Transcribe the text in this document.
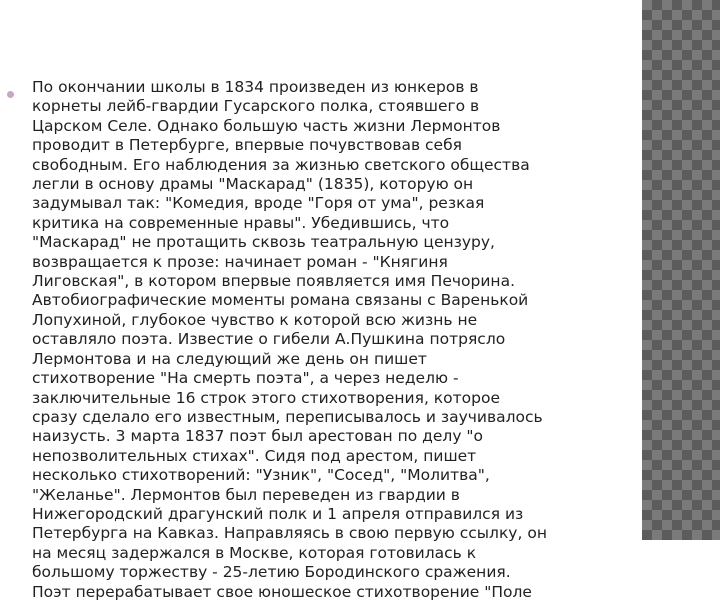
По окончании школы в 1834 произведен из юнкеров в
корнеты лейб-гвардии Гусарского полка, стоявшего в
Царском Селе. Однако большую часть жизни Лермонтов
проводит в Петербурге, впервые почувствовав себя
свободным. Его наблюдения за жизнью светского общества
легли в основу драмы "Маскарад" (1835), которую он
задумывал так: "Комедия, вроде "Горя от ума", резкая
критика на современные нравы". Убедившись, что
"Маскарад" не протащить сквозь театральную цензуру,
возвращается к прозе: начинает роман - "Княгиня
Лиговская", в котором впервые появляется имя Печорина.
Автобиографические моменты романа связаны с Варенькой
Лопухиной, глубокое чувство к которой всю жизнь не
оставляло поэта. Известие о гибели А.Пушкина потрясло
Лермонтова и на следующий же день он пишет
стихотворение "На смерть поэта", а через неделю -
заключительные 16 строк этого стихотворения, которое
сразу сделало его известным, переписывалось и заучивалось
наизусть. 3 марта 1837 поэт был арестован по делу "о
непозволительных стихах". Сидя под арестом, пишет
несколько стихотворений: "Узник", "Сосед", "Молитва",
"Желанье". Лермонтов был переведен из гвардии в
Нижегородский драгунский полк и 1 апреля отправился из
Петербурга на Кавказ. Направляясь в свою первую ссылку, он
на месяц задержался в Москве, которая готовилась к
большому торжеству - 25-летию Бородинского сражения.
Поэт перерабатывает свое юношеское стихотворение "Поле
